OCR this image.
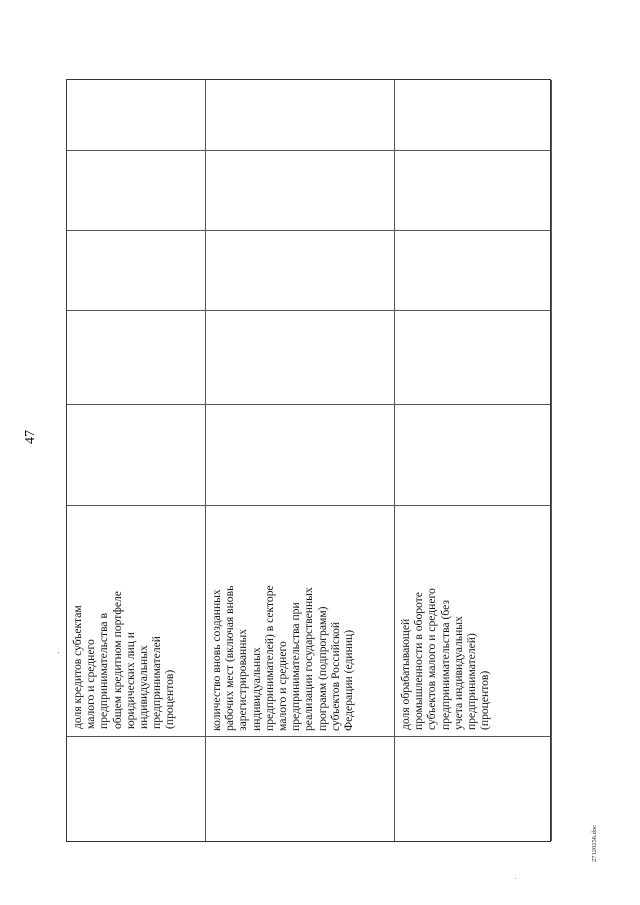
47
доля кредитов субъектам малого и среднего предпринимательства в общем кредитном портфеле юридических лиц и индивидуальных предпринимателей (процентов)	количество вновь созданных рабочих мест (включая вновь зарегистрированных индивидуальных предпринимателей) в секторе малого и среднего предпринимательства при реализации государственных программ (подпрограмм) субъектов Российской Федерации (единиц)	доля обрабатывающей промышленности в обороте субъектов малого и среднего предпринимательства (без учета индивидуальных предпринимателей) (процентов)
27120256.doc
